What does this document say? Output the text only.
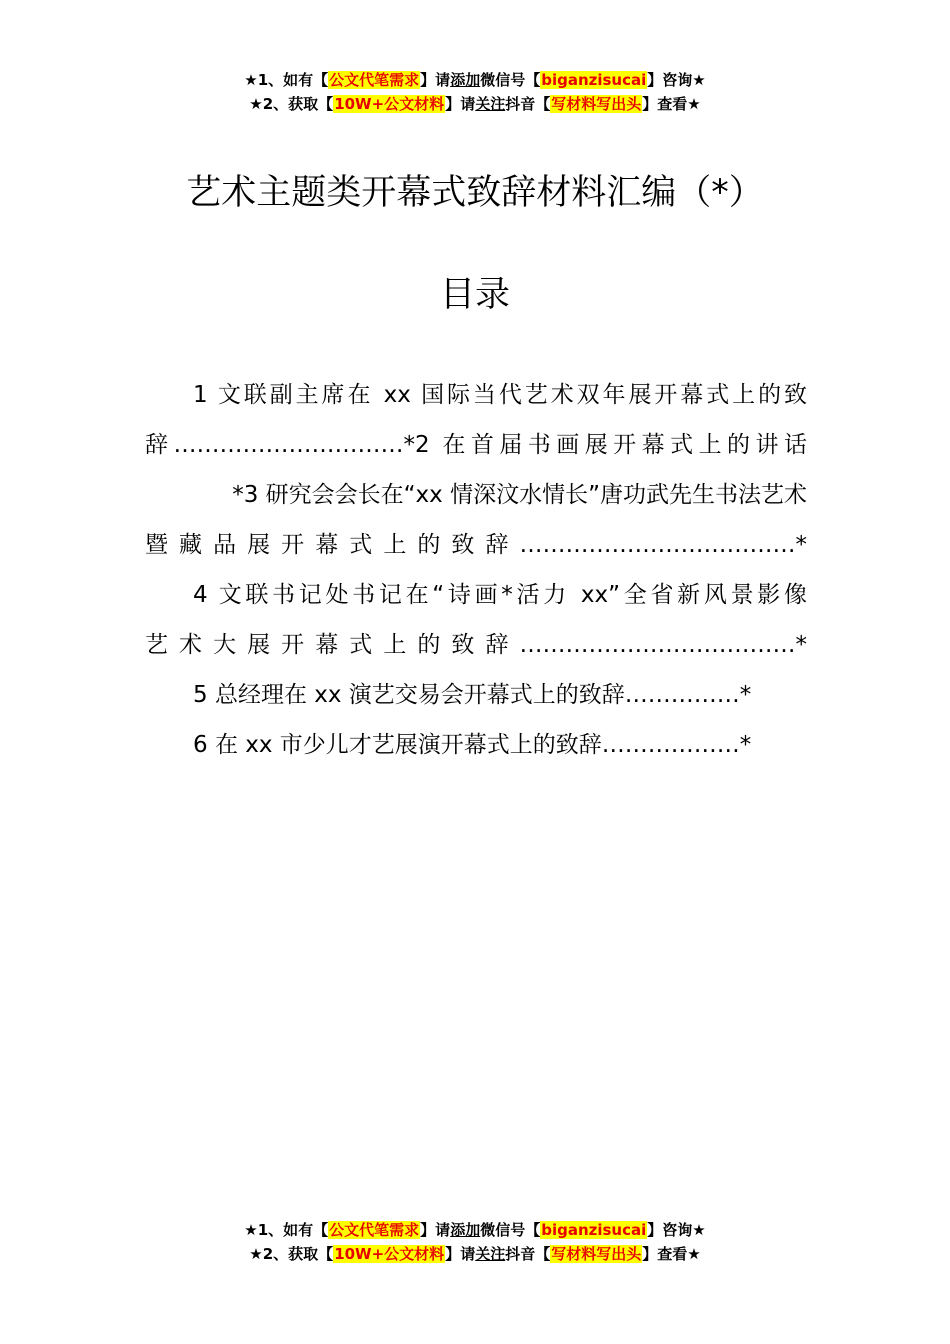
★1、如有【公文代笔需求】请添加微信号【biganzisucai】咨询★
★2、获取【10W+公文材料】请关注抖音【写材料写出头】查看★
艺术主题类开幕式致辞材料汇编（*）
目录
1 文联副主席在 xx 国际当代艺术双年展开幕式上的致
辞…………………………*2 在首届书画展开幕式上的讲话
*3 研究会会长在“xx 情深汶水情长”唐功武先生书法艺术
暨藏品展开幕式上的致辞………………………………*
4 文联书记处书记在“诗画*活力 xx”全省新风景影像
艺术大展开幕式上的致辞………………………………*
5 总经理在 xx 演艺交易会开幕式上的致辞……………*
6 在 xx 市少儿才艺展演开幕式上的致辞………………*
★1、如有【公文代笔需求】请添加微信号【biganzisucai】咨询★
★2、获取【10W+公文材料】请关注抖音【写材料写出头】查看★
